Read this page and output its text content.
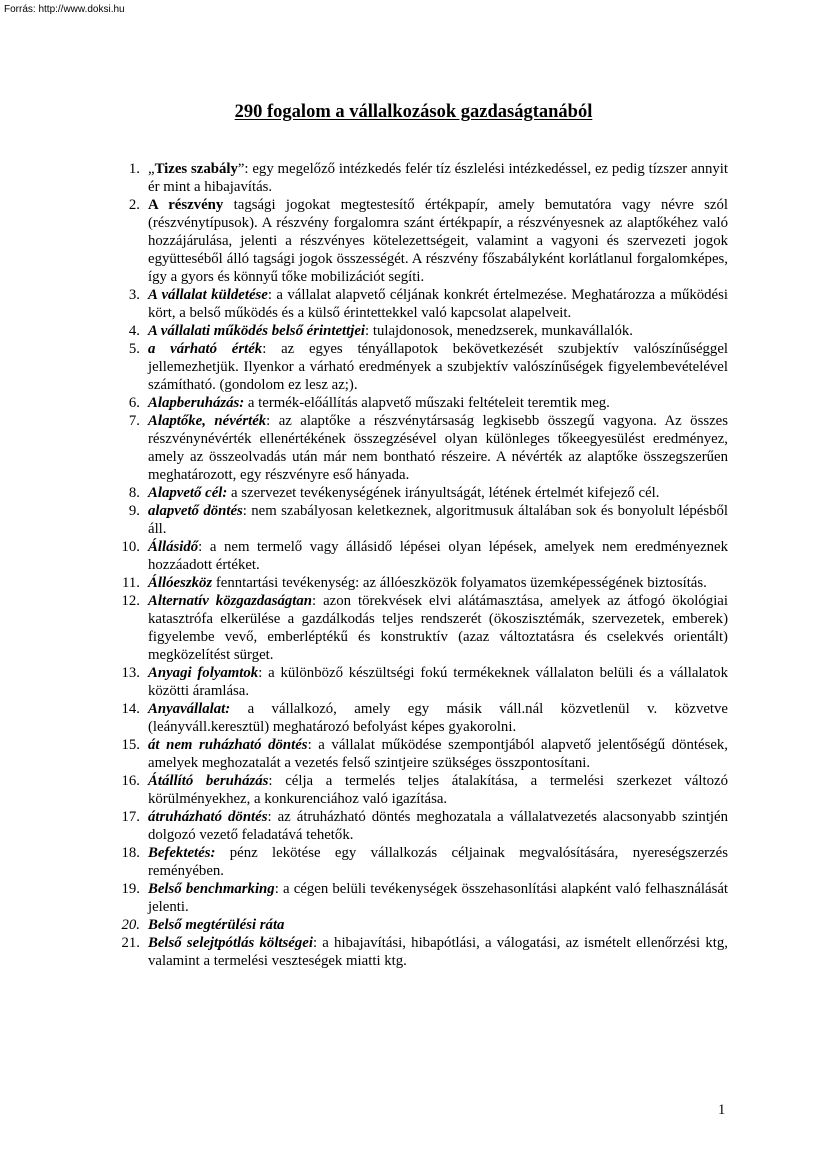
Forrás: http://www.doksi.hu
290 fogalom a vállalkozások gazdaságtanából
1. „Tizes szabály”: egy megelőző intézkedés felér tíz észlelési intézkedéssel, ez pedig tízszer annyit ér mint a hibajavítás.
2. A részvény tagsági jogokat megtestesítő értékpapír, amely bemutatóra vagy névre szól (részvénytípusok). A részvény forgalomra szánt értékpapír, a részvényesnek az alaptőkéhez való hozzájárulása, jelenti a részvényes kötelezettségeit, valamint a vagyoni és szervezeti jogok együtteséből álló tagsági jogok összességét. A részvény főszabályként korlátlanul forgalomképes, így a gyors és könnyű tőke mobilizációt segíti.
3. A vállalat küldetése: a vállalat alapvető céljának konkrét értelmezése. Meghatározza a működési kört, a belső működés és a külső érintettekkel való kapcsolat alapelveit.
4. A vállalati működés belső érintettjei: tulajdonosok, menedzserek, munkavállalók.
5. a várható érték: az egyes tényállapotok bekövetkezését szubjektív valószínűséggel jellemezhetjük. Ilyenkor a várható eredmények a szubjektív valószínűségek figyelembevételével számítható. (gondolom ez lesz az;).
6. Alapberuházás: a termék-előállítás alapvető műszaki feltételeit teremtik meg.
7. Alaptőke, névérték: az alaptőke a részvénytársaság legkisebb összegű vagyona. Az összes részvénynévérték ellenértékének összegzésével olyan különleges tőkeegyesülést eredményez, amely az összeolvadás után már nem bontható részeire. A névérték az alaptőke összegszerűen meghatározott, egy részvényre eső hányada.
8. Alapvető cél: a szervezet tevékenységének irányultságát, létének értelmét kifejező cél.
9. alapvető döntés: nem szabályosan keletkeznek, algoritmusuk általában sok és bonyolult lépésből áll.
10. Állásidő: a nem termelő vagy állásidő lépései olyan lépések, amelyek nem eredményeznek hozzáadott értéket.
11. Állóeszköz fenntartási tevékenység: az állóeszközök folyamatos üzemképességének biztosítás.
12. Alternatív közgazdaságtan: azon törekvések elvi alátámasztása, amelyek az átfogó ökológiai katasztrófa elkerülése a gazdálkodás teljes rendszerét (ökoszisztémák, szervezetek, emberek) figyelembe vevő, emberléptékű és konstruktív (azaz változtatásra és cselekvés orientált) megközelítést sürget.
13. Anyagi folyamtok: a különböző készültségi fokú termékeknek vállalaton belüli és a vállalatok közötti áramlása.
14. Anyavállalat: a vállalkozó, amely egy másik váll.nál közvetlenül v. közvetve (leányváll.keresztül) meghatározó befolyást képes gyakorolni.
15. át nem ruházható döntés: a vállalat működése szempontjából alapvető jelentőségű döntések, amelyek meghozatalát a vezetés felső szintjeire szükséges összpontosítani.
16. Átállító beruházás: célja a termelés teljes átalakítása, a termelési szerkezet változó körülményekhez, a konkurenciához való igazítása.
17. átruházható döntés: az átruházható döntés meghozatala a vállalatvezetés alacsonyabb szintjén dolgozó vezető feladatává tehetők.
18. Befektetés: pénz lekötése egy vállalkozás céljainak megvalósítására, nyereségszerzés reményében.
19. Belső benchmarking: a cégen belüli tevékenységek összehasonlítási alapként való felhasználását jelenti.
20. Belső megtérülési ráta
21. Belső selejtpótlás költségei: a hibajavítási, hibapótlási, a válogatási, az ismételt ellenőrzési ktg, valamint a termelési veszteségek miatti ktg.
1
